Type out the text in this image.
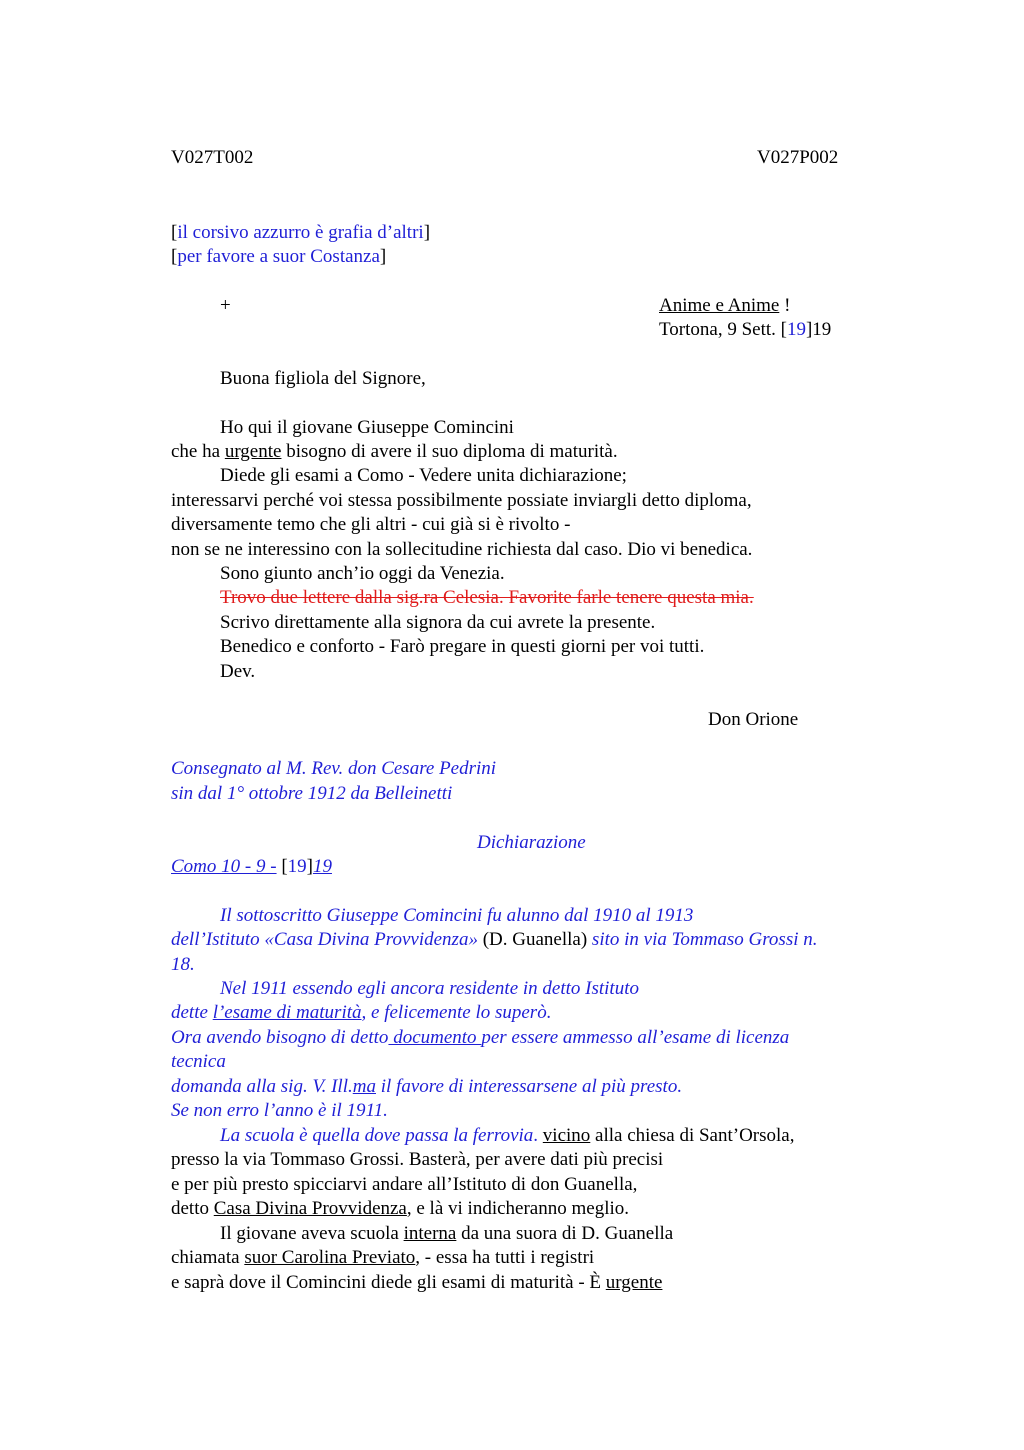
V027T002	V027P002
[il corsivo azzurro è grafia d’altri]
[per favore a suor Costanza]
+	Anime e Anime !
Tortona, 9 Sett. [19]19
Buona figliola del Signore,
Ho qui il giovane Giuseppe Comincini
che ha urgente bisogno di avere il suo diploma di maturità.
Diede gli esami a Como - Vedere unita dichiarazione;
interessarvi perché voi stessa possibilmente possiate inviargli detto diploma,
diversamente temo che gli altri - cui già si è rivolto -
non se ne interessino con la sollecitudine richiesta dal caso. Dio vi benedica.
Sono giunto anch’io oggi da Venezia.
Trovo due lettere dalla sig.ra Celesia. Favorite farle tenere questa mia.
Scrivo direttamente alla signora da cui avrete la presente.
Benedico e conforto - Farò pregare in questi giorni per voi tutti.
Dev.
Don Orione
Consegnato al M. Rev. don Cesare Pedrini
sin dal 1° ottobre 1912 da Belleinetti
Dichiarazione
Como 10 - 9 - [19]19
Il sottoscritto Giuseppe Comincini fu alunno dal 1910 al 1913
dell’Istituto «Casa Divina Provvidenza» (D. Guanella) sito in via Tommaso Grossi n.
18.
Nel 1911 essendo egli ancora residente in detto Istituto
dette l’esame di maturità, e felicemente lo superò.
Ora avendo bisogno di detto documento per essere ammesso all’esame di licenza
tecnica
domanda alla sig. V. Ill.ma il favore di interessarsene al più presto.
Se non erro l’anno è il 1911.
La scuola è quella dove passa la ferrovia. vicino alla chiesa di Sant’Orsola,
presso la via Tommaso Grossi. Basterà, per avere dati più precisi
e per più presto spicciarvi andare all’Istituto di don Guanella,
detto Casa Divina Provvidenza, e là vi indicheranno meglio.
Il giovane aveva scuola interna da una suora di D. Guanella
chiamata suor Carolina Previato, - essa ha tutti i registri
e saprà dove il Comincini diede gli esami di maturità - È urgente
